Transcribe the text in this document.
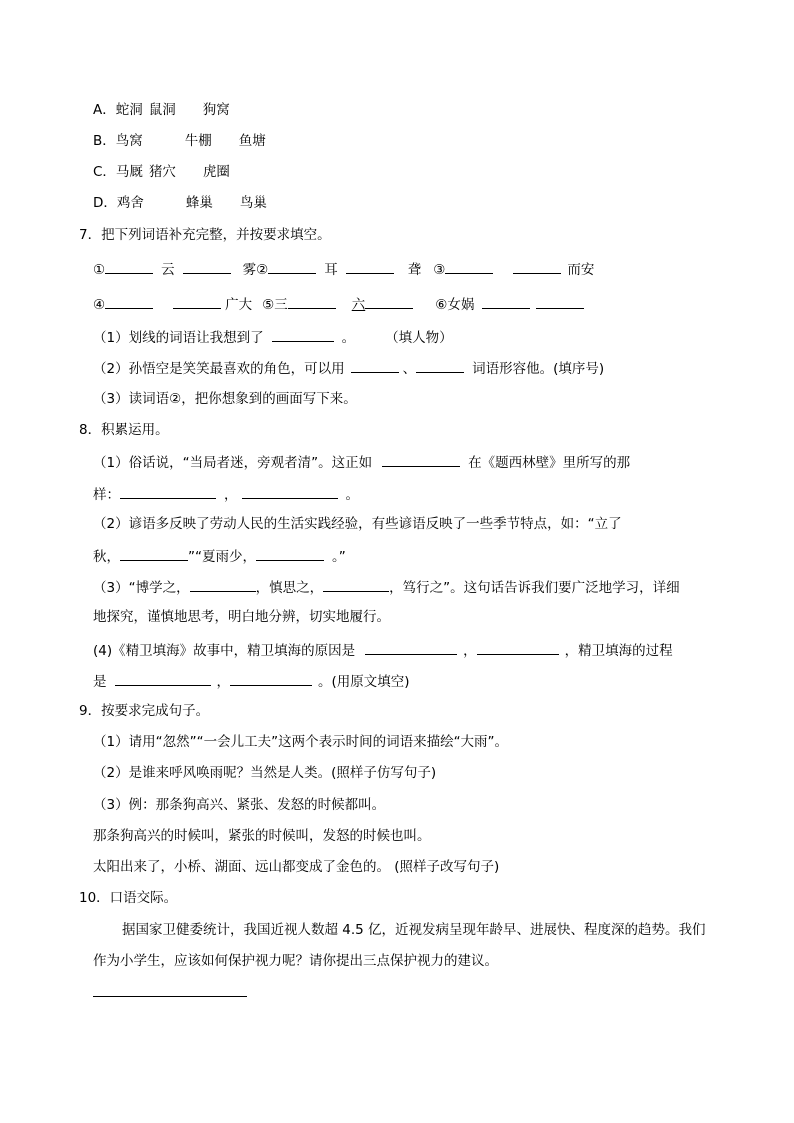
A．蛇洞 鼠洞 狗窝
B．鸟窝	牛棚 鱼塘
C．马厩 猪穴 虎圈
D．鸡舍	蜂巢 鸟巢
7．把下列词语补充完整，并按要求填空。
①	云	雾②	耳	聋 ③	而安
④	广大 ⑤三	六	⑥女娲
（1）划线的词语让我想到了	。 （填人物）
（2）孙悟空是笑笑最喜欢的角色，可以用	、	词语形容他。(填序号)
（3）读词语②，把你想象到的画面写下来。
8．积累运用。
（1）俗话说，“当局者迷，旁观者清”。这正如	在《题西林壁》里所写的那
样：	，	。
（2）谚语多反映了劳动人民的生活实践经验，有些谚语反映了一些季节特点，如：“立了
秋，	”“夏雨少，	。”
（3）“博学之，	，慎思之，	，笃行之”。这句话告诉我们要广泛地学习，详细
地探究，谨慎地思考，明白地分辨，切实地履行。
(4)《精卫填海》故事中，精卫填海的原因是	，	，精卫填海的过程
是	，	。(用原文填空)
9．按要求完成句子。
（1）请用“忽然”“一会儿工夫”这两个表示时间的词语来描绘“大雨”。
（2）是谁来呼风唤雨呢？当然是人类。(照样子仿写句子)
（3）例：那条狗高兴、紧张、发怒的时候都叫。
那条狗高兴的时候叫，紧张的时候叫，发怒的时候也叫。
太阳出来了，小桥、湖面、远山都变成了金色的。 (照样子改写句子)
10．口语交际。
据国家卫健委统计，我国近视人数超 4.5 亿，近视发病呈现年龄早、进展快、程度深的趋势。我们
作为小学生，应该如何保护视力呢？请你提出三点保护视力的建议。
